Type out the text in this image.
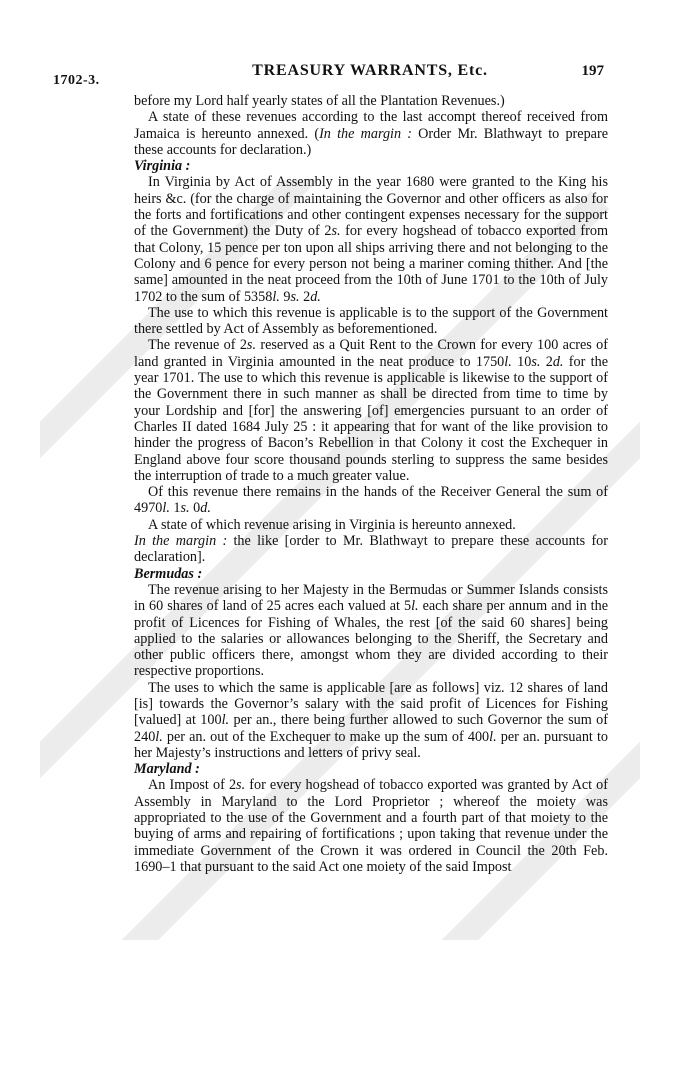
1702-3.
TREASURY WARRANTS, Etc.	197

before my Lord half yearly states of all the Plantation Revenues.)

A state of these revenues according to the last accompt thereof received from Jamaica is hereunto annexed. (In the margin : Order Mr. Blathwayt to prepare these accounts for declaration.)

Virginia :

In Virginia by Act of Assembly in the year 1680 were granted to the King his heirs &c. (for the charge of maintaining the Governor and other officers as also for the forts and fortifications and other contingent expenses necessary for the support of the Government) the Duty of 2s. for every hogshead of tobacco exported from that Colony, 15 pence per ton upon all ships arriving there and not belonging to the Colony and 6 pence for every person not being a mariner coming thither. And [the same] amounted in the neat proceed from the 10th of June 1701 to the 10th of July 1702 to the sum of 5358l. 9s. 2d.

The use to which this revenue is applicable is to the support of the Government there settled by Act of Assembly as beforementioned.

The revenue of 2s. reserved as a Quit Rent to the Crown for every 100 acres of land granted in Virginia amounted in the neat produce to 1750l. 10s. 2d. for the year 1701. The use to which this revenue is applicable is likewise to the support of the Government there in such manner as shall be directed from time to time by your Lordship and [for] the answering [of] emergencies pursuant to an order of Charles II dated 1684 July 25 : it appearing that for want of the like provision to hinder the progress of Bacon’s Rebellion in that Colony it cost the Exchequer in England above four score thousand pounds sterling to suppress the same besides the interruption of trade to a much greater value.

Of this revenue there remains in the hands of the Receiver General the sum of 4970l. 1s. 0d.

A state of which revenue arising in Virginia is hereunto annexed.

In the margin : the like [order to Mr. Blathwayt to prepare these accounts for declaration].

Bermudas :

The revenue arising to her Majesty in the Bermudas or Summer Islands consists in 60 shares of land of 25 acres each valued at 5l. each share per annum and in the profit of Licences for Fishing of Whales, the rest [of the said 60 shares] being applied to the salaries or allowances belonging to the Sheriff, the Secretary and other public officers there, amongst whom they are divided according to their respective proportions.

The uses to which the same is applicable [are as follows] viz. 12 shares of land [is] towards the Governor’s salary with the said profit of Licences for Fishing [valued] at 100l. per an., there being further allowed to such Governor the sum of 240l. per an. out of the Exchequer to make up the sum of 400l. per an. pursuant to her Majesty’s instructions and letters of privy seal.

Maryland :

An Impost of 2s. for every hogshead of tobacco exported was granted by Act of Assembly in Maryland to the Lord Proprietor ; whereof the moiety was appropriated to the use of the Government and a fourth part of that moiety to the buying of arms and repairing of fortifications ; upon taking that revenue under the immediate Government of the Crown it was ordered in Council the 20th Feb. 1690–1 that pursuant to the said Act one moiety of the said Impost
